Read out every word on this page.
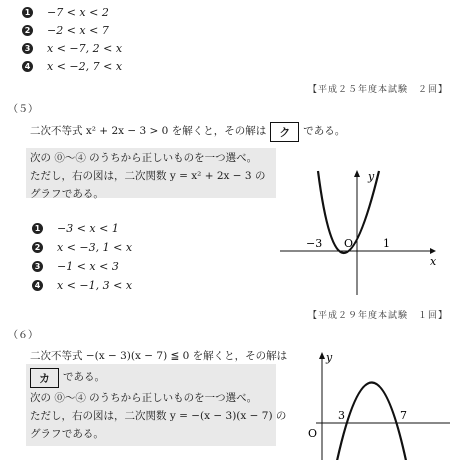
1 −7 < x < 2
2 −2 < x < 7
3 x < −7, 2 < x
4 x < −2, 7 < x
【平成２５年度本試験　２回】
（５）
二次不等式 x² + 2x − 3 > 0 を解くと，その解は ク である。
次の ⓪〜④ のうちから正しいものを一つ選べ。
ただし，右の図は，二次関数 y = x² + 2x − 3 の
グラフである。
1 −3 < x < 1
2 x < −3, 1 < x
3 −1 < x < 3
4 x < −1, 3 < x
y
x
O
−3	1
【平成２９年度本試験　１回】
（６）
二次不等式 −(x − 3)(x − 7) ≦ 0 を解くと，その解は
カ である。
次の ⓪〜④ のうちから正しいものを一つ選べ。
ただし，右の図は，二次関数 y = −(x − 3)(x − 7) の
グラフである。
y
O
3	7
